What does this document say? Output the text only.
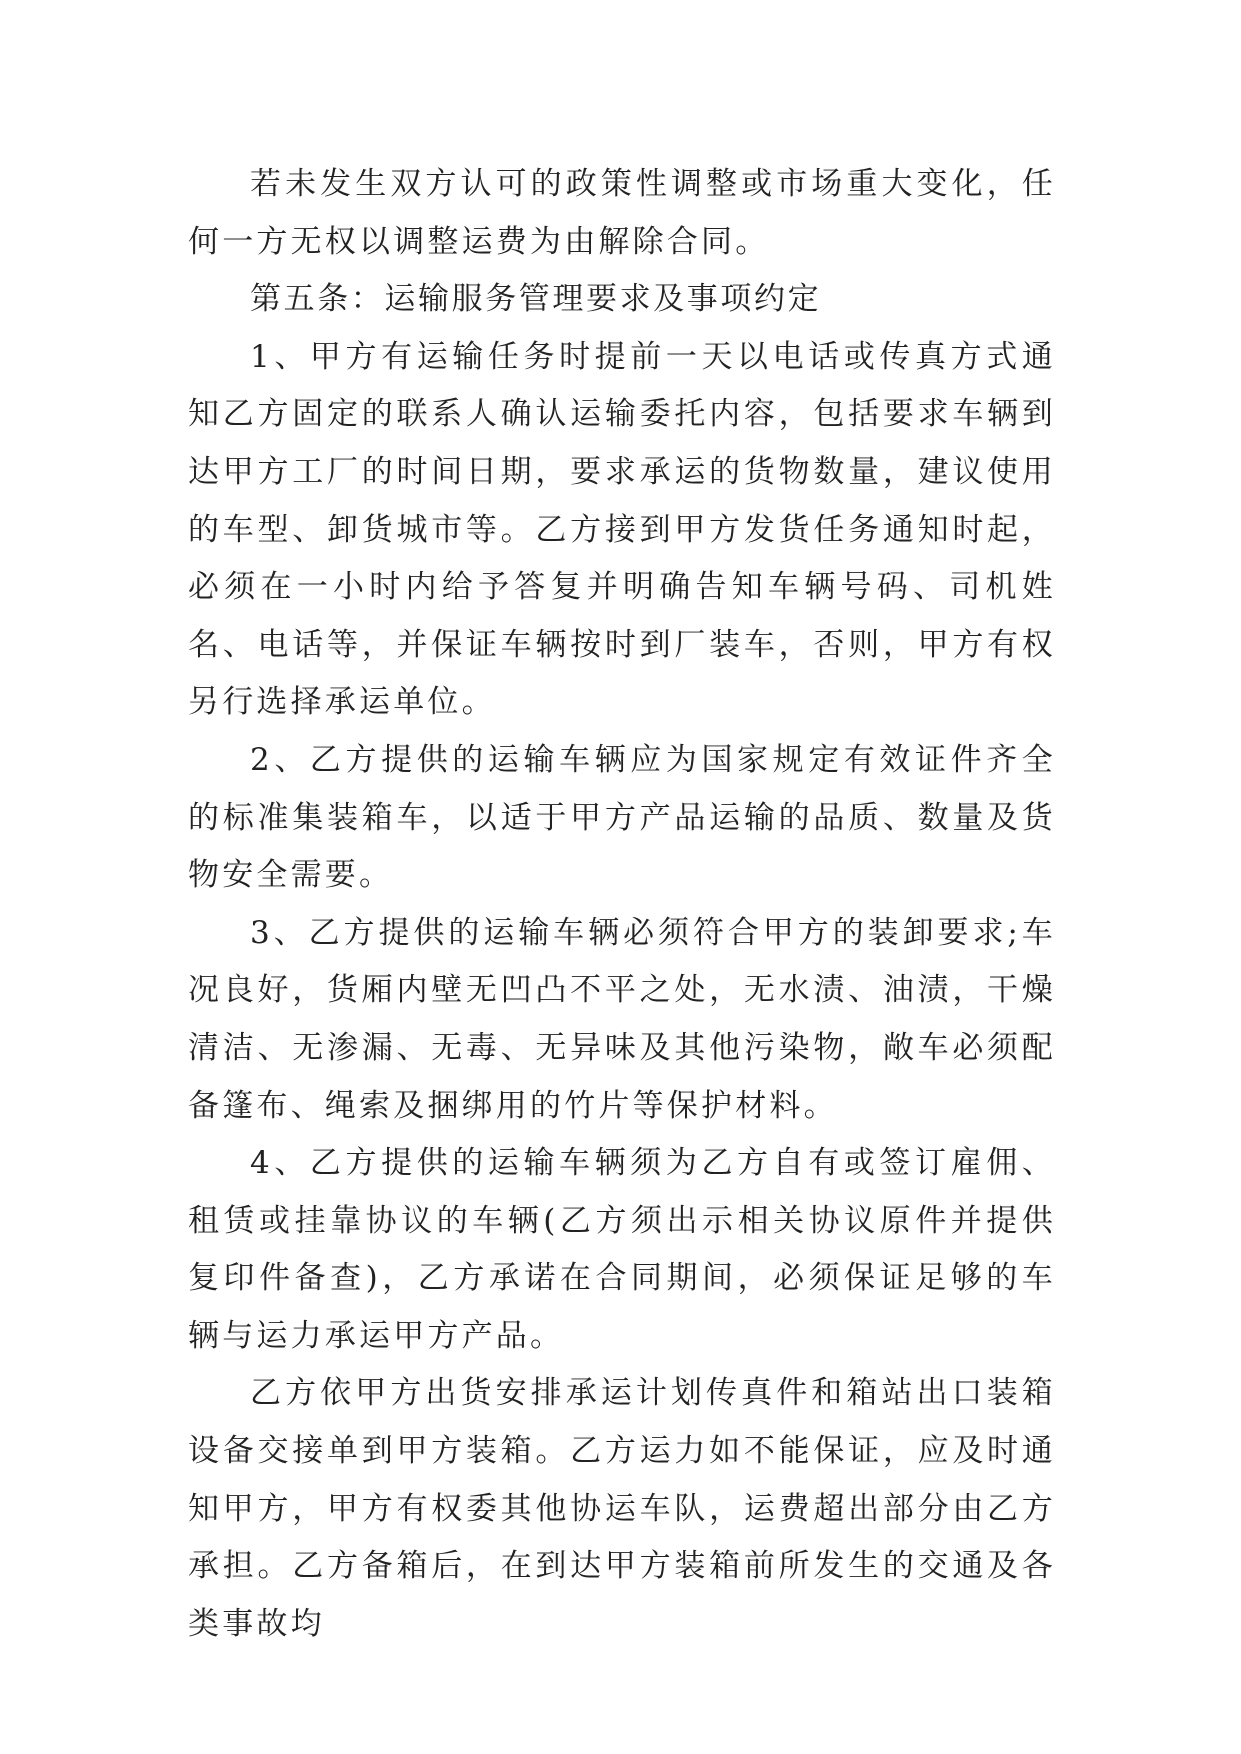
若未发生双方认可的政策性调整或市场重大变化，任何一方无权以调整运费为由解除合同。

第五条：运输服务管理要求及事项约定

1、甲方有运输任务时提前一天以电话或传真方式通知乙方固定的联系人确认运输委托内容，包括要求车辆到达甲方工厂的时间日期，要求承运的货物数量，建议使用的车型、卸货城市等。乙方接到甲方发货任务通知时起，必须在一小时内给予答复并明确告知车辆号码、司机姓名、电话等，并保证车辆按时到厂装车，否则，甲方有权另行选择承运单位。

2、乙方提供的运输车辆应为国家规定有效证件齐全的标准集装箱车，以适于甲方产品运输的品质、数量及货物安全需要。

3、乙方提供的运输车辆必须符合甲方的装卸要求;车况良好，货厢内壁无凹凸不平之处，无水渍、油渍，干燥清洁、无渗漏、无毒、无异味及其他污染物，敞车必须配备篷布、绳索及捆绑用的竹片等保护材料。

4、乙方提供的运输车辆须为乙方自有或签订雇佣、租赁或挂靠协议的车辆(乙方须出示相关协议原件并提供复印件备查)，乙方承诺在合同期间，必须保证足够的车辆与运力承运甲方产品。

乙方依甲方出货安排承运计划传真件和箱站出口装箱设备交接单到甲方装箱。乙方运力如不能保证，应及时通知甲方，甲方有权委其他协运车队，运费超出部分由乙方承担。乙方备箱后，在到达甲方装箱前所发生的交通及各类事故均
